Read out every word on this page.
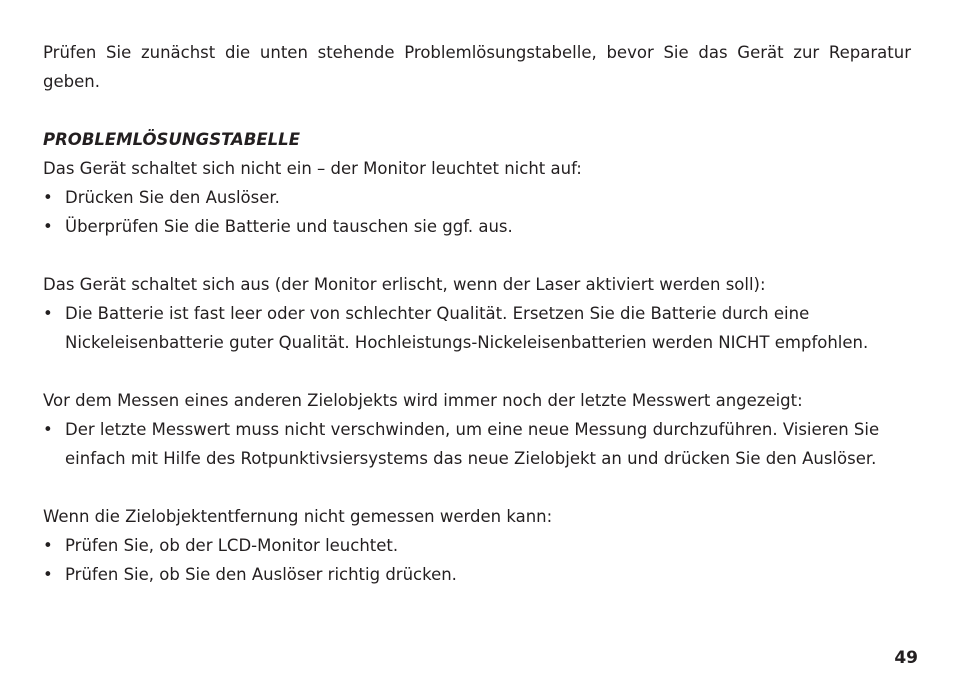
Prüfen Sie zunächst die unten stehende Problemlösungstabelle, bevor Sie das Gerät zur Reparatur geben.

PROBLEMLÖSUNGSTABELLE

Das Gerät schaltet sich nicht ein – der Monitor leuchtet nicht auf:

• Drücken Sie den Auslöser.
• Überprüfen Sie die Batterie und tauschen sie ggf. aus.

Das Gerät schaltet sich aus (der Monitor erlischt, wenn der Laser aktiviert werden soll):

• Die Batterie ist fast leer oder von schlechter Qualität. Ersetzen Sie die Batterie durch eine Nickeleisenbatterie guter Qualität. Hochleistungs-Nickeleisenbatterien werden NICHT empfohlen.

Vor dem Messen eines anderen Zielobjekts wird immer noch der letzte Messwert angezeigt:

• Der letzte Messwert muss nicht verschwinden, um eine neue Messung durchzuführen. Visieren Sie einfach mit Hilfe des Rotpunktivsiersystems das neue Zielobjekt an und drücken Sie den Auslöser.

Wenn die Zielobjektentfernung nicht gemessen werden kann:

• Prüfen Sie, ob der LCD-Monitor leuchtet.
• Prüfen Sie, ob Sie den Auslöser richtig drücken.
49
